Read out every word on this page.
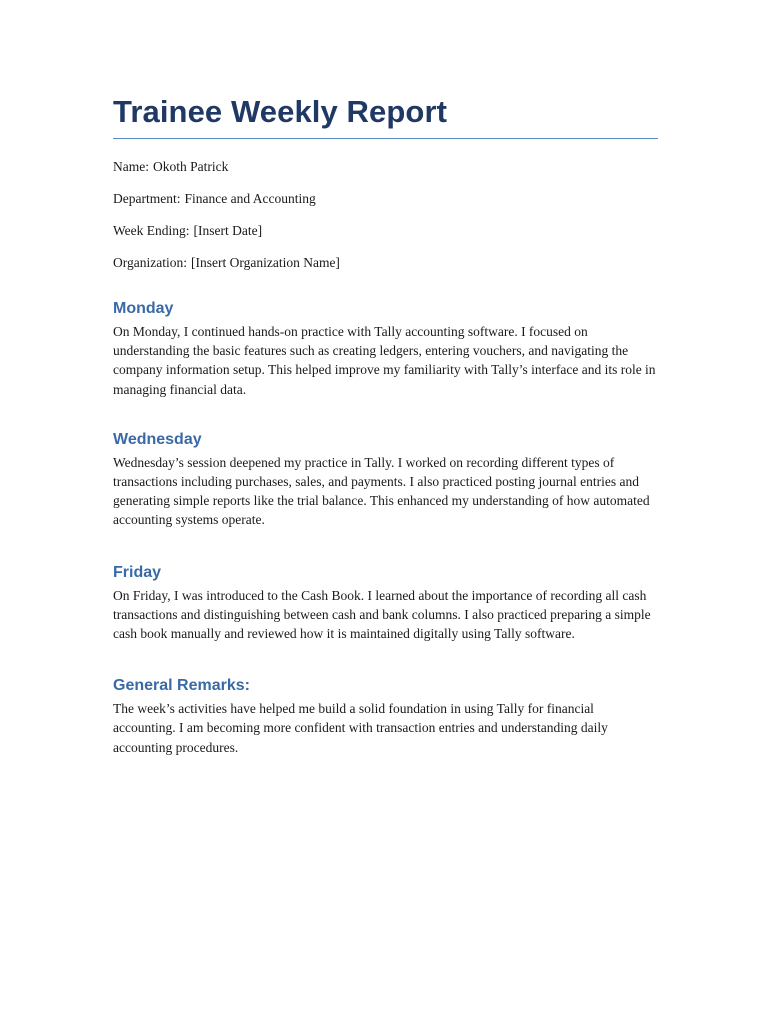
Trainee Weekly Report

Name: Okoth Patrick

Department: Finance and Accounting

Week Ending: [Insert Date]

Organization: [Insert Organization Name]

Monday

On Monday, I continued hands-on practice with Tally accounting software. I focused on understanding the basic features such as creating ledgers, entering vouchers, and navigating the company information setup. This helped improve my familiarity with Tally’s interface and its role in managing financial data.

Wednesday

Wednesday’s session deepened my practice in Tally. I worked on recording different types of transactions including purchases, sales, and payments. I also practiced posting journal entries and generating simple reports like the trial balance. This enhanced my understanding of how automated accounting systems operate.

Friday

On Friday, I was introduced to the Cash Book. I learned about the importance of recording all cash transactions and distinguishing between cash and bank columns. I also practiced preparing a simple cash book manually and reviewed how it is maintained digitally using Tally software.

General Remarks:

The week’s activities have helped me build a solid foundation in using Tally for financial accounting. I am becoming more confident with transaction entries and understanding daily accounting procedures.
